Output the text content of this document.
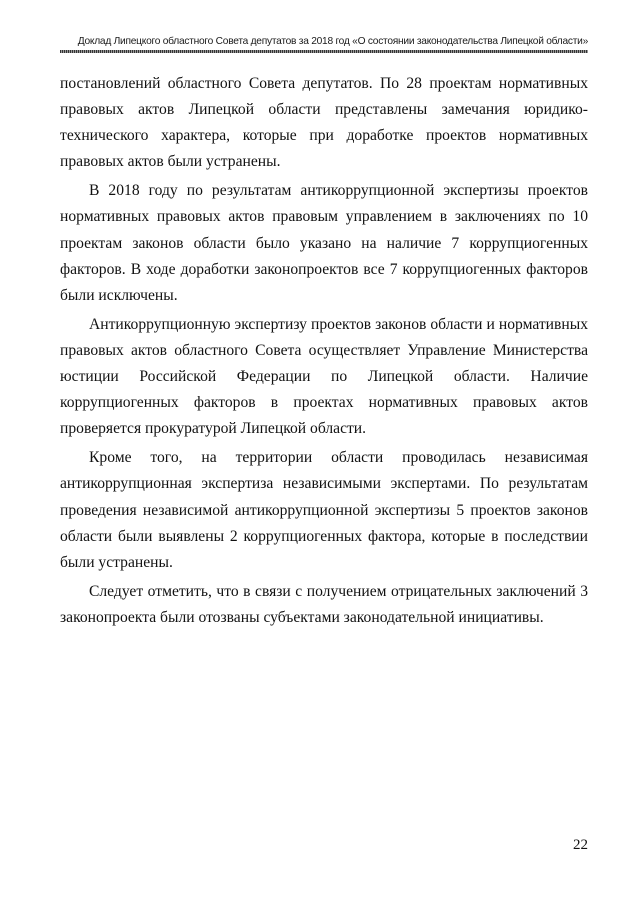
Доклад Липецкого областного Совета депутатов за 2018 год «О состоянии законодательства Липецкой области»

постановлений областного Совета депутатов. По 28 проектам нормативных правовых актов Липецкой области представлены замечания юридико-технического характера, которые при доработке проектов нормативных правовых актов были устранены.

В 2018 году по результатам антикоррупционной экспертизы проектов нормативных правовых актов правовым управлением в заключениях по 10 проектам законов области было указано на наличие 7 коррупциогенных факторов. В ходе доработки законопроектов все 7 коррупциогенных факторов были исключены.

Антикоррупционную экспертизу проектов законов области и нормативных правовых актов областного Совета осуществляет Управление Министерства юстиции Российской Федерации по Липецкой области. Наличие коррупциогенных факторов в проектах нормативных правовых актов проверяется прокуратурой Липецкой области.

Кроме того, на территории области проводилась независимая антикоррупционная экспертиза независимыми экспертами. По результатам проведения независимой антикоррупционной экспертизы 5 проектов законов области были выявлены 2 коррупциогенных фактора, которые в последствии были устранены.

Следует отметить, что в связи с получением отрицательных заключений 3 законопроекта были отозваны субъектами законодательной инициативы.

22
